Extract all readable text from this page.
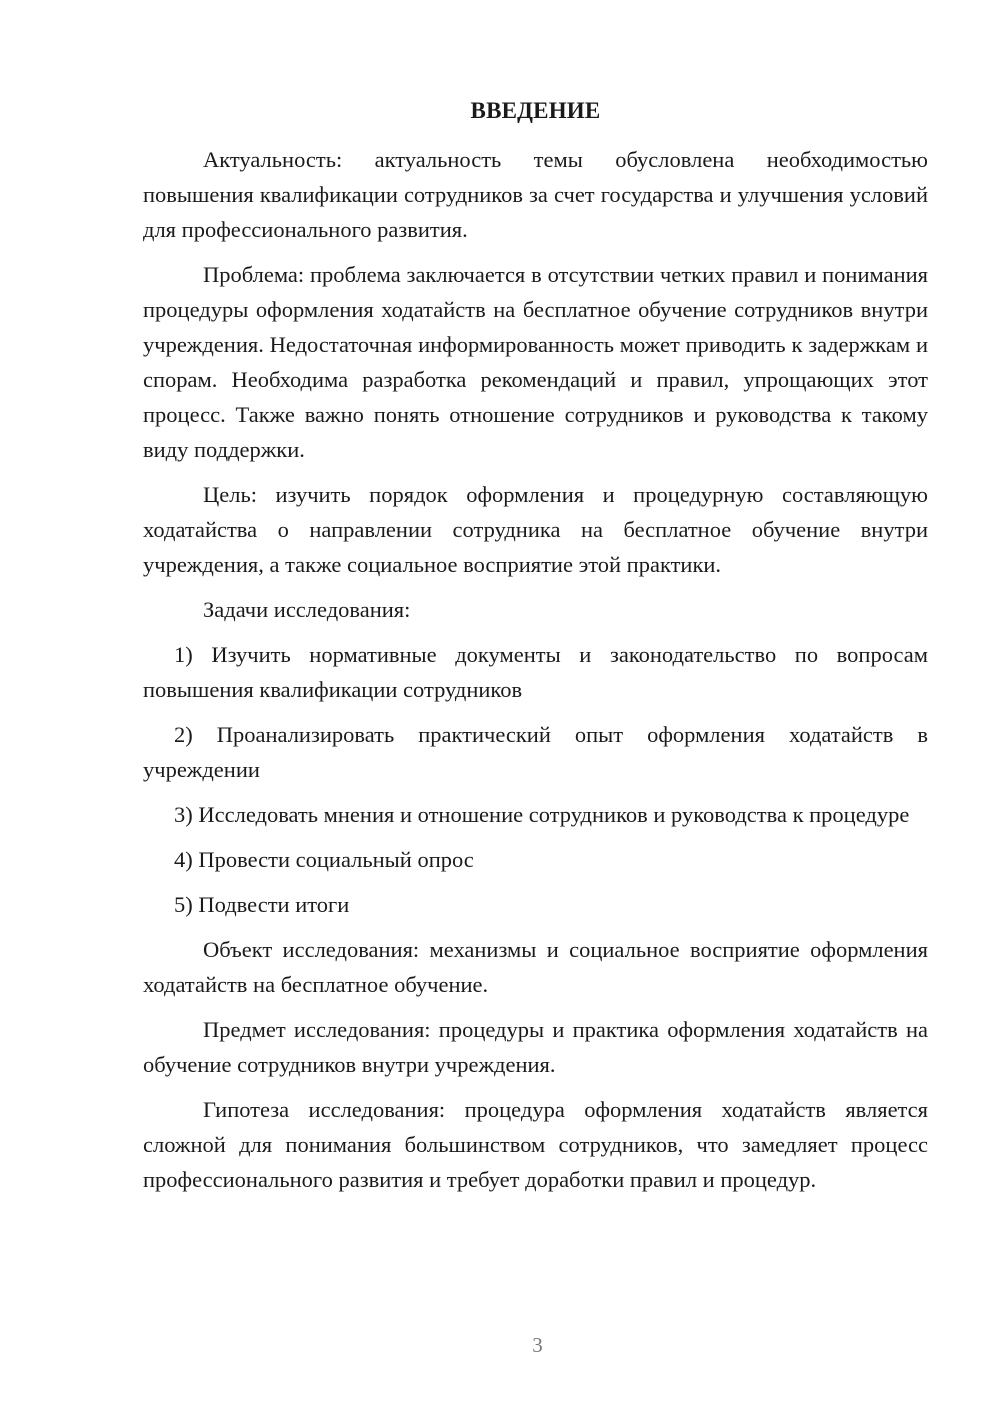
ВВЕДЕНИЕ

Актуальность: актуальность темы обусловлена необходимостью повышения квалификации сотрудников за счет государства и улучшения условий для профессионального развития.

Проблема: проблема заключается в отсутствии четких правил и понимания процедуры оформления ходатайств на бесплатное обучение сотрудников внутри учреждения. Недостаточная информированность может приводить к задержкам и спорам. Необходима разработка рекомендаций и правил, упрощающих этот процесс. Также важно понять отношение сотрудников и руководства к такому виду поддержки.

Цель: изучить порядок оформления и процедурную составляющую ходатайства о направлении сотрудника на бесплатное обучение внутри учреждения, а также социальное восприятие этой практики.

Задачи исследования:

1) Изучить нормативные документы и законодательство по вопросам повышения квалификации сотрудников

2) Проанализировать практический опыт оформления ходатайств в учреждении

3) Исследовать мнения и отношение сотрудников и руководства к процедуре

4) Провести социальный опрос

5) Подвести итоги

Объект исследования: механизмы и социальное восприятие оформления ходатайств на бесплатное обучение.

Предмет исследования: процедуры и практика оформления ходатайств на обучение сотрудников внутри учреждения.

Гипотеза исследования: процедура оформления ходатайств является сложной для понимания большинством сотрудников, что замедляет процесс профессионального развития и требует доработки правил и процедур.

3
